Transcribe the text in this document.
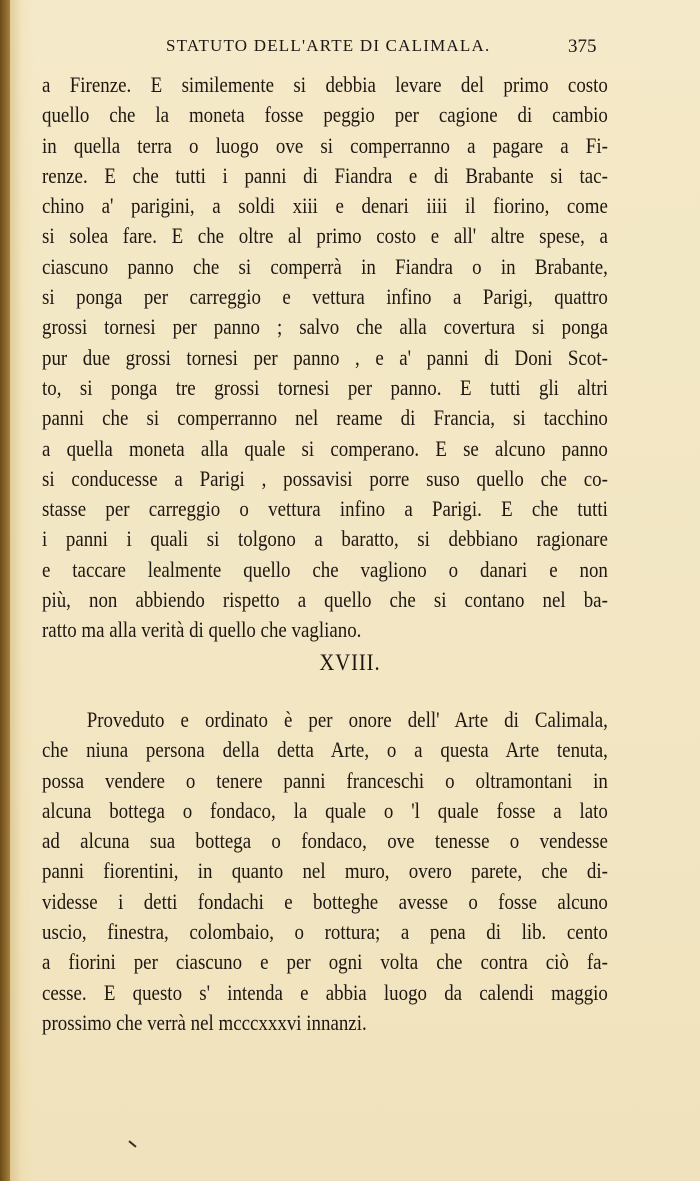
STATUTO DELL'ARTE DI CALIMALA.	375
a Firenze. E similemente si debbia levare del primo costo
quello che la moneta fosse peggio per cagione di cambio
in quella terra o luogo ove si comperranno a pagare a Fi-
renze. E che tutti i panni di Fiandra e di Brabante si tac-
chino a' parigini, a soldi xiii e denari iiii il fiorino, come
si solea fare. E che oltre al primo costo e all' altre spese, a
ciascuno panno che si comperrà in Fiandra o in Brabante,
si ponga per carreggio e vettura infino a Parigi, quattro
grossi tornesi per panno ; salvo che alla covertura si ponga
pur due grossi tornesi per panno , e a' panni di Doni Scot-
to, si ponga tre grossi tornesi per panno. E tutti gli altri
panni che si comperranno nel reame di Francia, si tacchino
a quella moneta alla quale si comperano. E se alcuno panno
si conducesse a Parigi , possavisi porre suso quello che co-
stasse per carreggio o vettura infino a Parigi. E che tutti
i panni i quali si tolgono a baratto, si debbiano ragionare
e taccare lealmente quello che vagliono o danari e non
più, non abbiendo rispetto a quello che si contano nel ba-
ratto ma alla verità di quello che vagliano.
XVIII.
Proveduto e ordinato è per onore dell' Arte di Calimala,
che niuna persona della detta Arte, o a questa Arte tenuta,
possa vendere o tenere panni franceschi o oltramontani in
alcuna bottega o fondaco, la quale o 'l quale fosse a lato
ad alcuna sua bottega o fondaco, ove tenesse o vendesse
panni fiorentini, in quanto nel muro, overo parete, che di-
videsse i detti fondachi e botteghe avesse o fosse alcuno
uscio, finestra, colombaio, o rottura; a pena di lib. cento
a fiorini per ciascuno e per ogni volta che contra ciò fa-
cesse. E questo s' intenda e abbia luogo da calendi maggio
prossimo che verrà nel mcccxxxvi innanzi.
